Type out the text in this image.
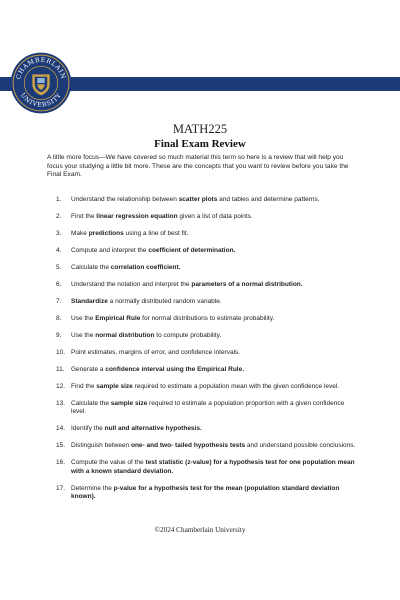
CHAMBERLAIN
UNIVERSITY
MATH225
Final Exam Review
A little more focus—We have covered so much material this term so here is a review that will help you focus your studying a little bit more. These are the concepts that you want to review before you take the Final Exam.
1.	Understand the relationship between scatter plots and tables and determine patterns.
2.	Find the linear regression equation given a list of data points.
3.	Make predictions using a line of best fit.
4.	Compute and interpret the coefficient of determination.
5.	Calculate the correlation coefficient.
6.	Understand the notation and interpret the parameters of a normal distribution.
7.	Standardize a normally distributed random variable.
8.	Use the Empirical Rule for normal distributions to estimate probability.
9.	Use the normal distribution to compute probability.
10. Point estimates, margins of error, and confidence intervals.
11. Generate a confidence interval using the Empirical Rule.
12. Find the sample size required to estimate a population mean with the given confidence level.
13. Calculate the sample size required to estimate a population proportion with a given confidence level.
14. Identify the null and alternative hypothesis.
15. Distinguish between one- and two- tailed hypothesis tests and understand possible conclusions.
16. Compute the value of the test statistic (z-value) for a hypothesis test for one population mean with a known standard deviation.
17. Determine the p-value for a hypothesis test for the mean (population standard deviation known).
©2024 Chamberlain University
